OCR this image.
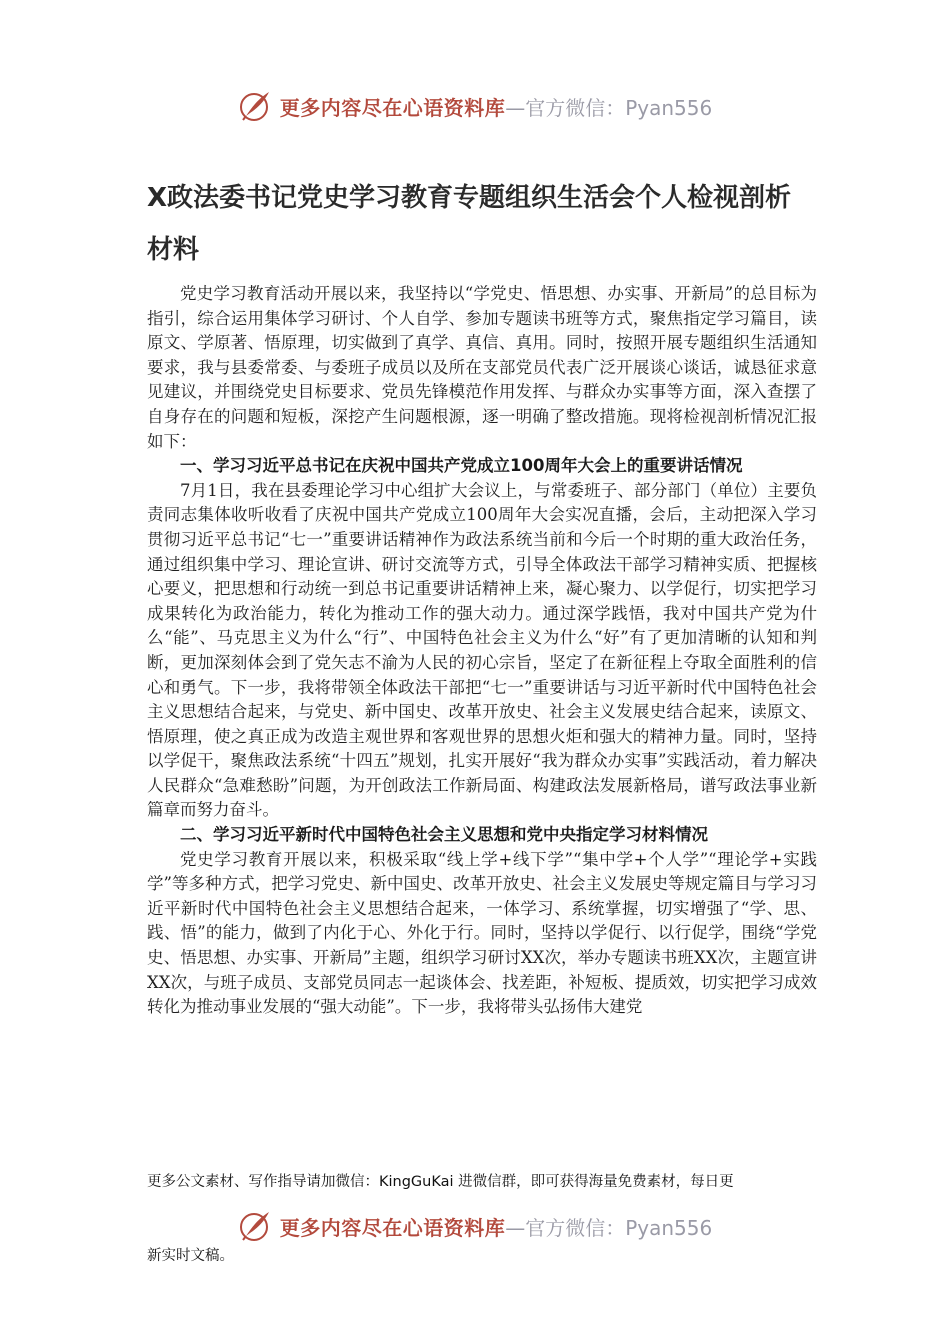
更多内容尽在心语资料库 —官方微信：Pyan556
X政法委书记党史学习教育专题组织生活会个人检视剖析材料

党史学习教育活动开展以来，我坚持以“学党史、悟思想、办实事、开新局”的总目标为指引，综合运用集体学习研讨、个人自学、参加专题读书班等方式，聚焦指定学习篇目，读原文、学原著、悟原理，切实做到了真学、真信、真用。同时，按照开展专题组织生活通知要求，我与县委常委、与委班子成员以及所在支部党员代表广泛开展谈心谈话，诚恳征求意见建议，并围绕党史目标要求、党员先锋模范作用发挥、与群众办实事等方面，深入查摆了自身存在的问题和短板，深挖产生问题根源，逐一明确了整改措施。现将检视剖析情况汇报如下：

一、学习习近平总书记在庆祝中国共产党成立100周年大会上的重要讲话情况

7月1日，我在县委理论学习中心组扩大会议上，与常委班子、部分部门（单位）主要负责同志集体收听收看了庆祝中国共产党成立100周年大会实况直播，会后，主动把深入学习贯彻习近平总书记“七一”重要讲话精神作为政法系统当前和今后一个时期的重大政治任务，通过组织集中学习、理论宣讲、研讨交流等方式，引导全体政法干部学习精神实质、把握核心要义，把思想和行动统一到总书记重要讲话精神上来，凝心聚力、以学促行，切实把学习成果转化为政治能力，转化为推动工作的强大动力。通过深学践悟，我对中国共产党为什么“能”、马克思主义为什么“行”、中国特色社会主义为什么“好”有了更加清晰的认知和判断，更加深刻体会到了党矢志不渝为人民的初心宗旨，坚定了在新征程上夺取全面胜利的信心和勇气。下一步，我将带领全体政法干部把“七一”重要讲话与习近平新时代中国特色社会主义思想结合起来，与党史、新中国史、改革开放史、社会主义发展史结合起来，读原文、悟原理，使之真正成为改造主观世界和客观世界的思想火炬和强大的精神力量。同时，坚持以学促干，聚焦政法系统“十四五”规划，扎实开展好“我为群众办实事”实践活动，着力解决人民群众“急难愁盼”问题，为开创政法工作新局面、构建政法发展新格局，谱写政法事业新篇章而努力奋斗。

二、学习习近平新时代中国特色社会主义思想和党中央指定学习材料情况

党史学习教育开展以来，积极采取“线上学+线下学”“集中学+个人学”“理论学+实践学”等多种方式，把学习党史、新中国史、改革开放史、社会主义发展史等规定篇目与学习习近平新时代中国特色社会主义思想结合起来，一体学习、系统掌握，切实增强了“学、思、践、悟”的能力，做到了内化于心、外化于行。同时，坚持以学促行、以行促学，围绕“学党史、悟思想、办实事、开新局”主题，组织学习研讨XX次，举办专题读书班XX次，主题宣讲XX次，与班子成员、支部党员同志一起谈体会、找差距，补短板、提质效，切实把学习成效转化为推动事业发展的“强大动能”。下一步，我将带头弘扬伟大建党

更多公文素材、写作指导请加微信：KingGuKai 进微信群，即可获得海量免费素材，每日更
更多内容尽在心语资料库 —官方微信：Pyan556
新实时文稿。
